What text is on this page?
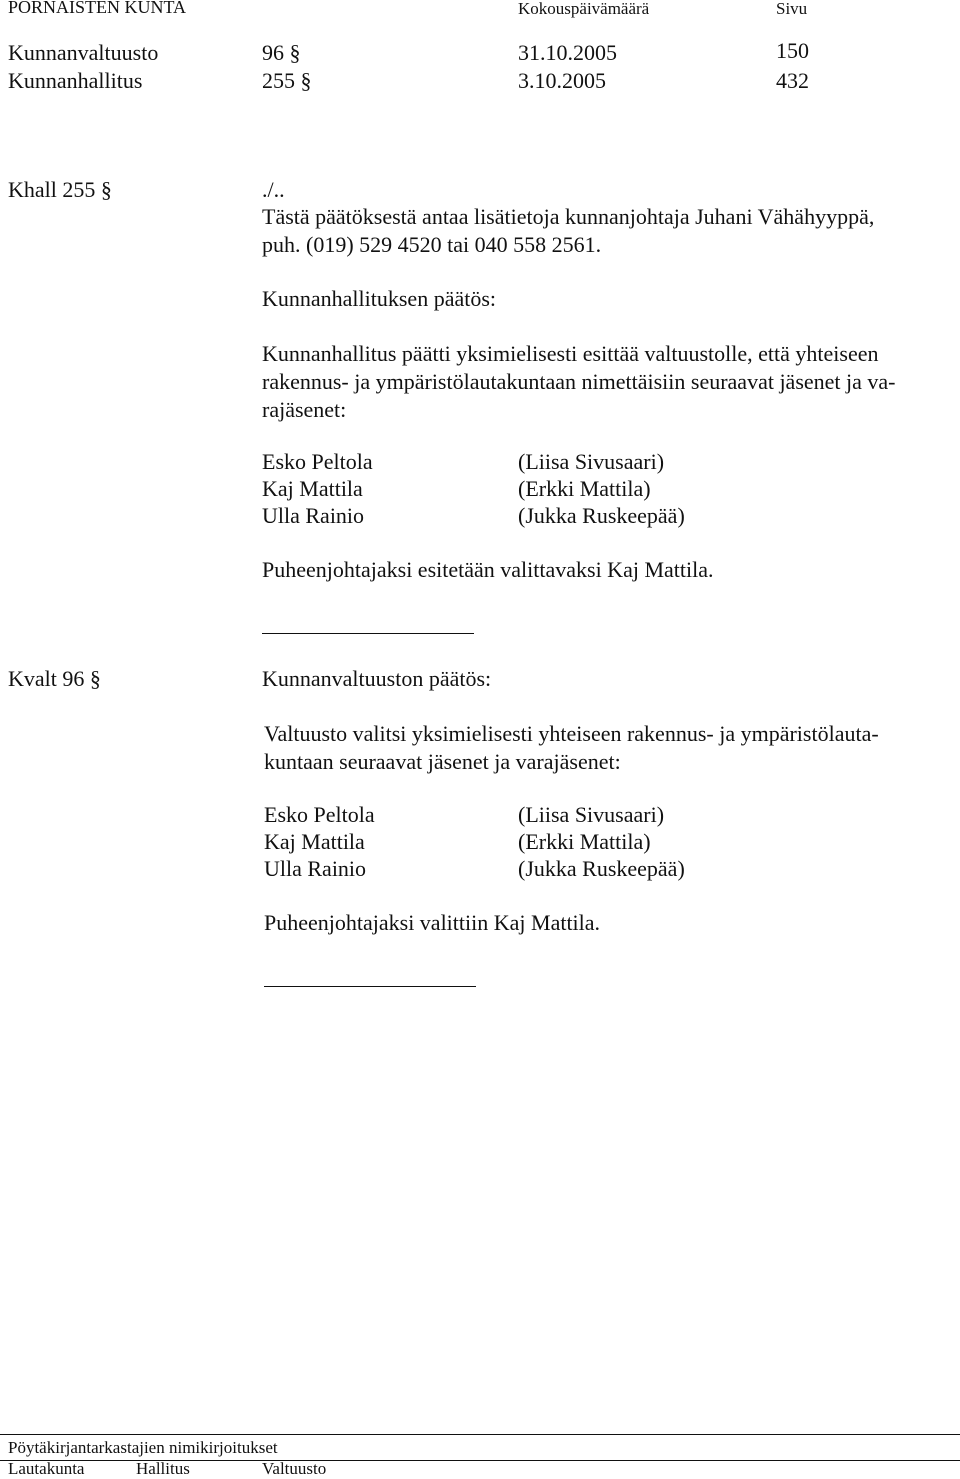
PORNAISTEN KUNTA	Kokouspäivämäärä	Sivu
Kunnanvaltuusto	96 §	31.10.2005	150
Kunnanhallitus	255 §	3.10.2005	432
Khall 255 §	./..
Tästä päätöksestä antaa lisätietoja kunnanjohtaja Juhani Vähähyyppä,
puh. (019) 529 4520 tai 040 558 2561.
Kunnanhallituksen päätös:
Kunnanhallitus päätti yksimielisesti esittää valtuustolle, että yhteiseen
rakennus- ja ympäristölautakuntaan nimettäisiin seuraavat jäsenet ja va-
rajäsenet:
Esko Peltola	(Liisa Sivusaari)
Kaj Mattila	(Erkki Mattila)
Ulla Rainio	(Jukka Ruskeepää)
Puheenjohtajaksi esitetään valittavaksi Kaj Mattila.
Kvalt 96 §	Kunnanvaltuuston päätös:
Valtuusto valitsi yksimielisesti yhteiseen rakennus- ja ympäristölauta-
kuntaan seuraavat jäsenet ja varajäsenet:
Esko Peltola	(Liisa Sivusaari)
Kaj Mattila	(Erkki Mattila)
Ulla Rainio	(Jukka Ruskeepää)
Puheenjohtajaksi valittiin Kaj Mattila.
Pöytäkirjantarkastajien nimikirjoitukset
Lautakunta	Hallitus	Valtuusto
